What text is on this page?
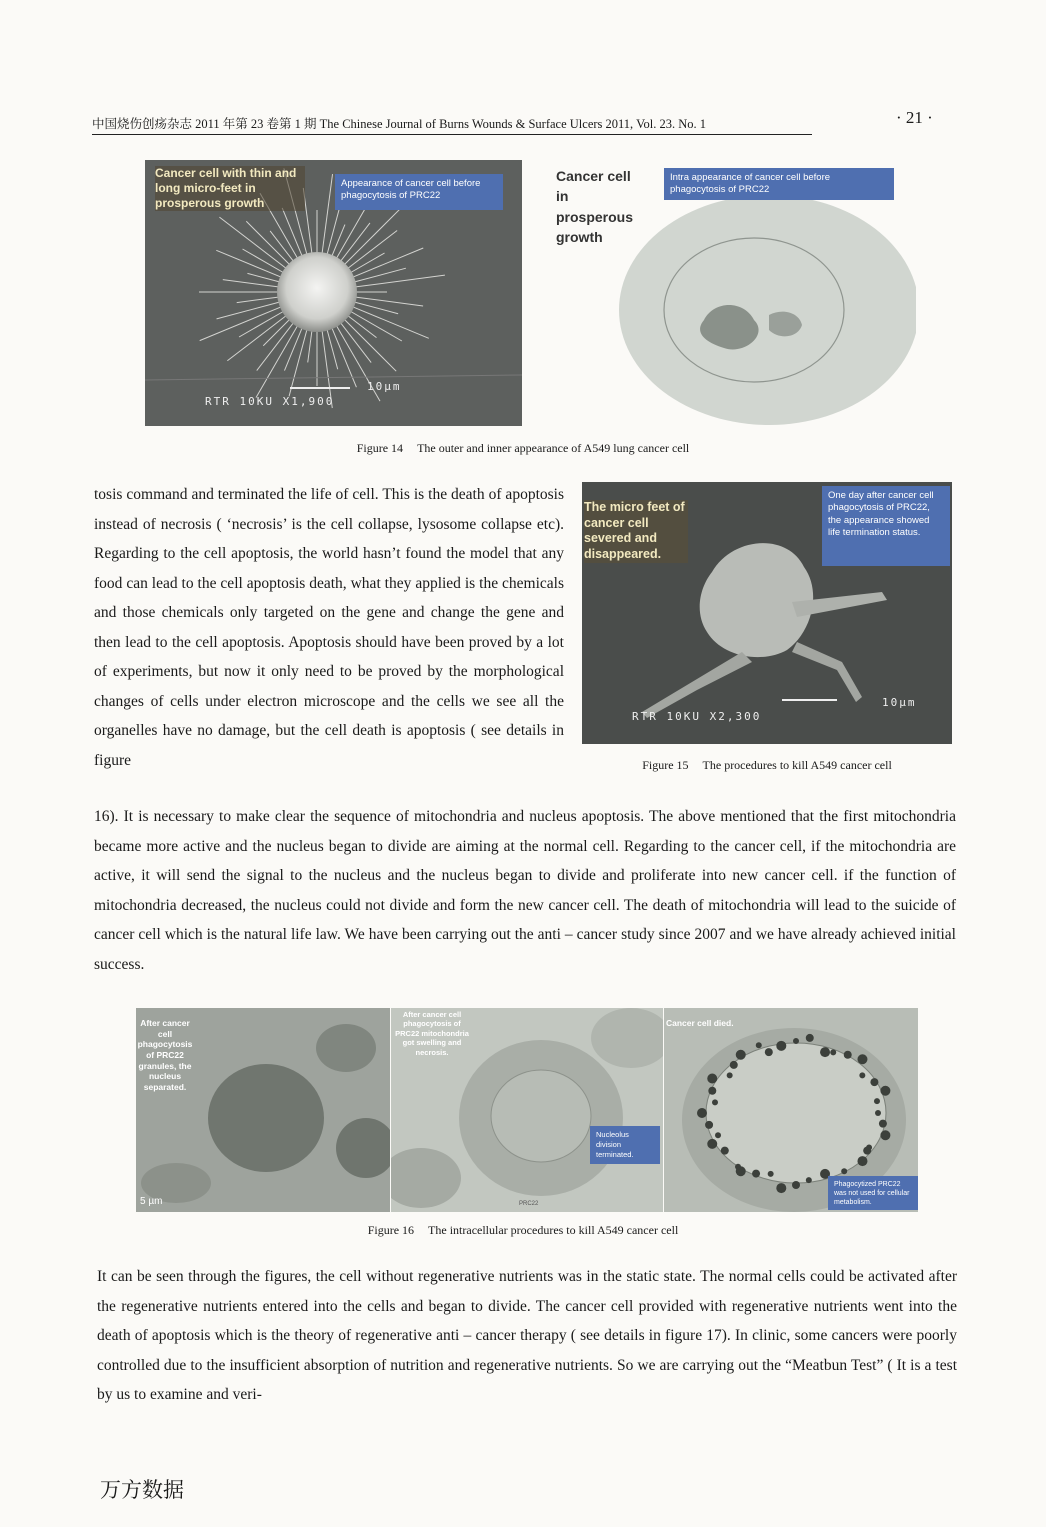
中国烧伤创疡杂志 2011 年第 23 卷第 1 期 The Chinese Journal of Burns Wounds & Surface Ulcers 2011, Vol. 23. No. 1	· 21 ·
Cancer cell with thin and long micro-feet in prosperous growth
Appearance of cancer cell before phagocytosis of PRC22
10µm
RTR 10KU X1,900
Cancer cell in prosperous growth
Intra appearance of cancer cell before phagocytosis of PRC22
Figure 14 The outer and inner appearance of A549 lung cancer cell
The micro feet of cancer cell severed and disappeared.
One day after cancer cell phagocytosis of PRC22, the appearance showed life termination status.
10µm
RTR 10KU X2,300
Figure 15 The procedures to kill A549 cancer cell

tosis command and terminated the life of cell. This is the death of apoptosis instead of necrosis ( ‘necrosis’ is the cell collapse, lysosome collapse etc). Regarding to the cell apoptosis, the world hasn’t found the model that any food can lead to the cell apoptosis death, what they applied is the chemicals and those chemicals only targeted on the gene and change the gene and then lead to the cell apoptosis. Apoptosis should have been proved by a lot of experiments, but now it only need to be proved by the morphological changes of cells under electron microscope and the cells we see all the organelles have no damage, but the cell death is apoptosis ( see details in figure

16). It is necessary to make clear the sequence of mitochondria and nucleus apoptosis. The above mentioned that the first mitochondria became more active and the nucleus began to divide are aiming at the normal cell. Regarding to the cancer cell, if the mitochondria are active, it will send the signal to the nucleus and the nucleus began to divide and proliferate into new cancer cell. if the function of mitochondria decreased, the nucleus could not divide and form the new cancer cell. The death of mitochondria will lead to the suicide of cancer cell which is the natural life law. We have been carrying out the anti – cancer study since 2007 and we have already achieved initial success.

After cancer cell phagocytosis of PRC22 granules, the nucleus separated.
5 µm
After cancer cell phagocytosis of PRC22 mitochondria got swelling and necrosis.
Nucleolus division terminated.
PRC22
Cancer cell died.
Phagocytized PRC22 was not used for cellular metabolism.
Figure 16 The intracellular procedures to kill A549 cancer cell

It can be seen through the figures, the cell without regenerative nutrients was in the static state. The normal cells could be activated after the regenerative nutrients entered into the cells and began to divide. The cancer cell provided with regenerative nutrients went into the death of apoptosis which is the theory of regenerative anti – cancer therapy ( see details in figure 17). In clinic, some cancers were poorly controlled due to the insufficient absorption of nutrition and regenerative nutrients. So we are carrying out the “Meatbun Test” ( It is a test by us to examine and veri-

万方数据
